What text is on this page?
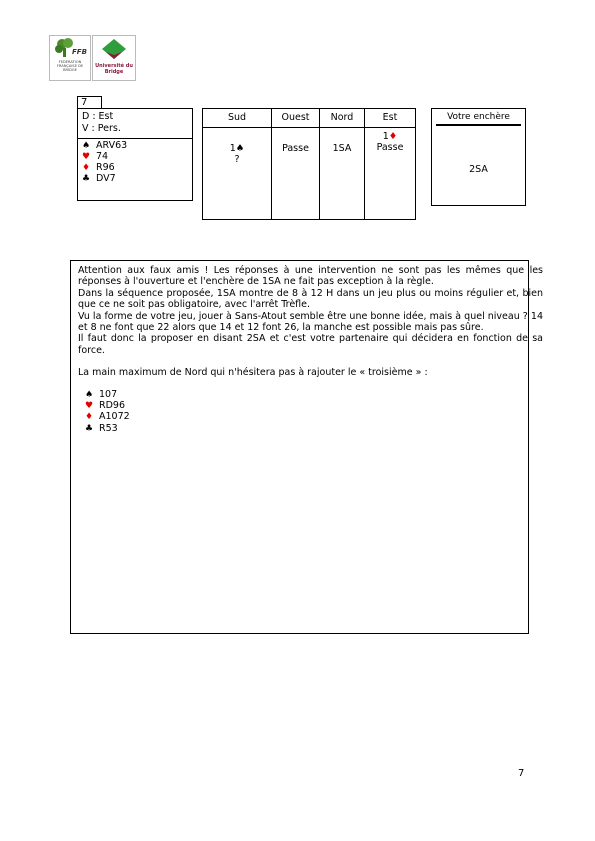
FFB
FEDERATION FRANÇAISE DE BRIDGE
Université du Bridge
7
D : Est
V : Pers.
♠ ARV63
♥ 74
♦ R96
♣ DV7
Sud
1♠
?
Ouest
Passe
Nord
1SA
Est
1♦
Passe
Votre enchère
2SA

Attention aux faux amis ! Les réponses à une intervention ne sont pas les mêmes que les réponses à l'ouverture et l'enchère de 1SA ne fait pas exception à la règle.

Dans la séquence proposée, 1SA montre de 8 à 12 H dans un jeu plus ou moins régulier et, bien que ce ne soit pas obligatoire, avec l'arrêt Trèfle.

Vu la forme de votre jeu, jouer à Sans-Atout semble être une bonne idée, mais à quel niveau ? 14 et 8 ne font que 22 alors que 14 et 12 font 26, la manche est possible mais pas sûre.

Il faut donc la proposer en disant 2SA et c'est votre partenaire qui décidera en fonction de sa force.

La main maximum de Nord qui n'hésitera pas à rajouter le « troisième » :

♠ 107
♥ RD96
♦ A1072
♣ R53
7
